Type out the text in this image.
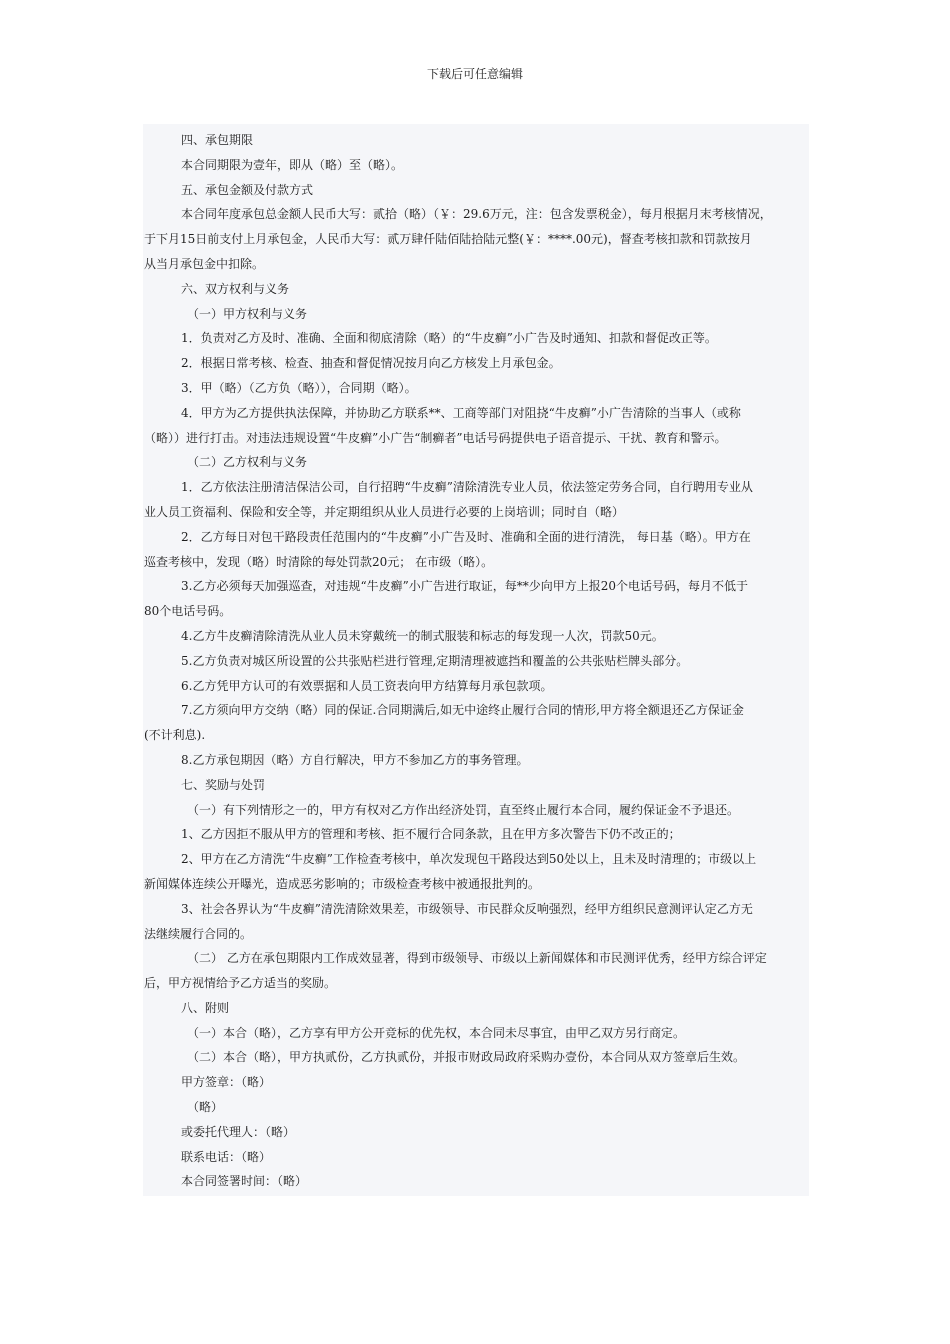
下载后可任意编辑
四、承包期限
本合同期限为壹年，即从（略）至（略）。
五、承包金额及付款方式
本合同年度承包总金额人民币大写：贰拾（略）（￥：29.6万元，注：包含发票税金），每月根据月末考核情况，
于下月15日前支付上月承包金，人民币大写：贰万肆仟陆佰陆拾陆元整(￥：****.00元)，督查考核扣款和罚款按月
从当月承包金中扣除。
六、双方权利与义务
（一）甲方权利与义务
1．负责对乙方及时、准确、全面和彻底清除（略）的“牛皮癣”小广告及时通知、扣款和督促改正等。
2．根据日常考核、检查、抽查和督促情况按月向乙方核发上月承包金。
3．甲（略）（乙方负（略）），合同期（略）。
4．甲方为乙方提供执法保障，并协助乙方联系**、工商等部门对阻挠“牛皮癣”小广告清除的当事人（或称
（略））进行打击。对违法违规设置“牛皮癣”小广告“制癣者”电话号码提供电子语音提示、干扰、教育和警示。
（二）乙方权利与义务
1．乙方依法注册清洁保洁公司，自行招聘“牛皮癣”清除清洗专业人员，依法签定劳务合同，自行聘用专业从
业人员工资福利、保险和安全等，并定期组织从业人员进行必要的上岗培训；同时自（略）
2．乙方每日对包干路段责任范围内的“牛皮癣”小广告及时、准确和全面的进行清洗， 每日基（略）。甲方在
巡查考核中，发现（略）时清除的每处罚款20元； 在市级（略）。
3.乙方必须每天加强巡查，对违规“牛皮癣”小广告进行取证，每**少向甲方上报20个电话号码，每月不低于
80个电话号码。
4.乙方牛皮癣清除清洗从业人员未穿戴统一的制式服装和标志的每发现一人次，罚款50元。
5.乙方负责对城区所设置的公共张贴栏进行管理,定期清理被遮挡和覆盖的公共张贴栏牌头部分。
6.乙方凭甲方认可的有效票据和人员工资表向甲方结算每月承包款项。
7.乙方须向甲方交纳（略）同的保证.合同期满后,如无中途终止履行合同的情形,甲方将全额退还乙方保证金
(不计利息).
8.乙方承包期因（略）方自行解决，甲方不参加乙方的事务管理。
七、奖励与处罚
（一）有下列情形之一的，甲方有权对乙方作出经济处罚，直至终止履行本合同，履约保证金不予退还。
1、乙方因拒不服从甲方的管理和考核、拒不履行合同条款，且在甲方多次警告下仍不改正的；
2、甲方在乙方清洗“牛皮癣”工作检查考核中，单次发现包干路段达到50处以上，且未及时清理的；市级以上
新闻媒体连续公开曝光，造成恶劣影响的；市级检查考核中被通报批判的。
3、社会各界认为“牛皮癣”清洗清除效果差，市级领导、市民群众反响强烈，经甲方组织民意测评认定乙方无
法继续履行合同的。
（二） 乙方在承包期限内工作成效显著，得到市级领导、市级以上新闻媒体和市民测评优秀，经甲方综合评定
后，甲方视情给予乙方适当的奖励。
八、附则
（一）本合（略），乙方享有甲方公开竞标的优先权，本合同未尽事宜，由甲乙双方另行商定。
（二）本合（略），甲方执贰份，乙方执贰份，并报市财政局政府采购办壹份，本合同从双方签章后生效。
甲方签章：（略）
（略）
或委托代理人：（略）
联系电话：（略）
本合同签署时间：（略）
